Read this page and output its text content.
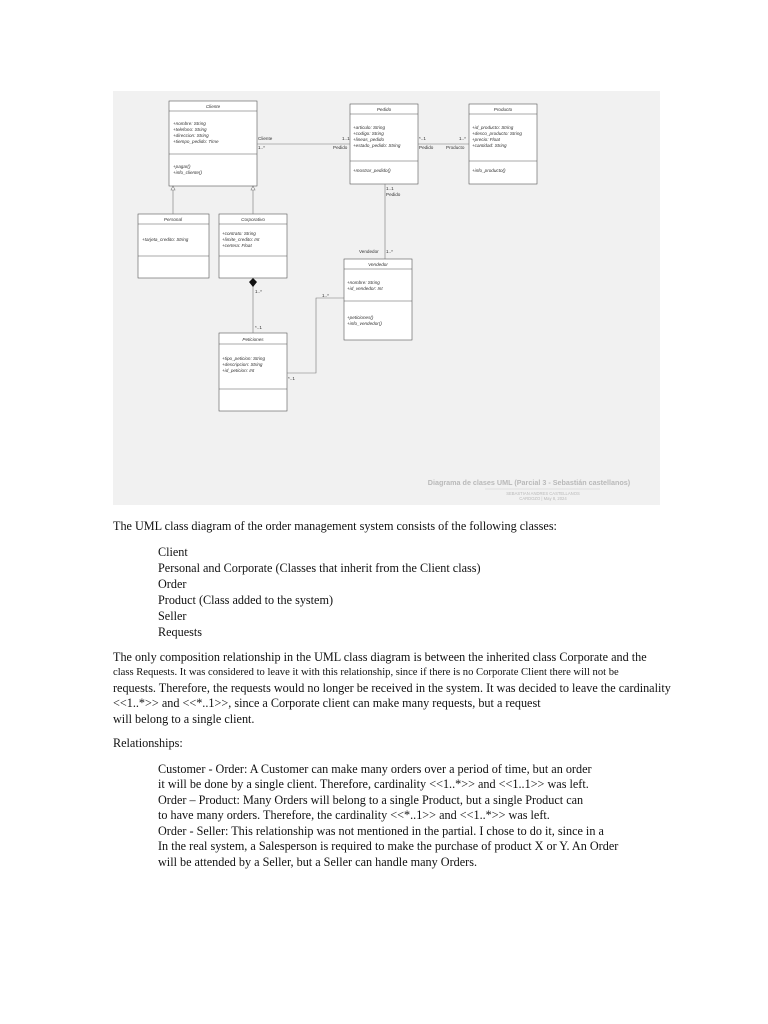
Cliente
Pedido	Producto
Personal	Corporativo
Vendedor
Peticiones
+nombre: String
+telefono: String
+direccion: String
+tiempo_pedido: Time
+pagar()
+info_cliente()
+articulo: String
+codigo: String
+lineas_pedido
+estado_pedido: String
+mostrar_pedido()
+id_producto: String
+desco_producto: String
+precio: Float
+cantidad: String
+info_producto()
+tarjeta_credito: String
+contrato: String
+limite_credito: Int
+certera: Float
+nombre: String
+id_vendedor: Int
+peticiones()
+info_vendedor()
+tipo_peticion: String
+descripcion: String
+id_peticion: Int
Cliente
1..*
1..1
Pedido
*..1
Pedido
1..*
Producto
1..1
Pedido
Vendedor 1..*
1..*
*..1
1..*
*..1
Diagrama de clases UML (Parcial 3 - Sebastián castellanos)
SEBASTIAN ANDRES CASTELLANOS
CARDOZO | May 8, 2024
The UML class diagram of the order management system consists of the following classes:
Client
Personal and Corporate (Classes that inherit from the Client class)
Order
Product (Class added to the system)
Seller
Requests
The only composition relationship in the UML class diagram is between the inherited class Corporate and the
class Requests. It was considered to leave it with this relationship, since if there is no Corporate Client there will not be
requests. Therefore, the requests would no longer be received in the system. It was decided to leave the cardinality
<<1..*>> and <<*..1>>, since a Corporate client can make many requests, but a request
will belong to a single client.
Relationships:
Customer - Order: A Customer can make many orders over a period of time, but an order
it will be done by a single client. Therefore, cardinality <<1..*>> and <<1..1>> was left.
Order – Product: Many Orders will belong to a single Product, but a single Product can
to have many orders. Therefore, the cardinality <<*..1>> and <<1..*>> was left.
Order - Seller: This relationship was not mentioned in the partial. I chose to do it, since in a
In the real system, a Salesperson is required to make the purchase of product X or Y. An Order
will be attended by a Seller, but a Seller can handle many Orders.
